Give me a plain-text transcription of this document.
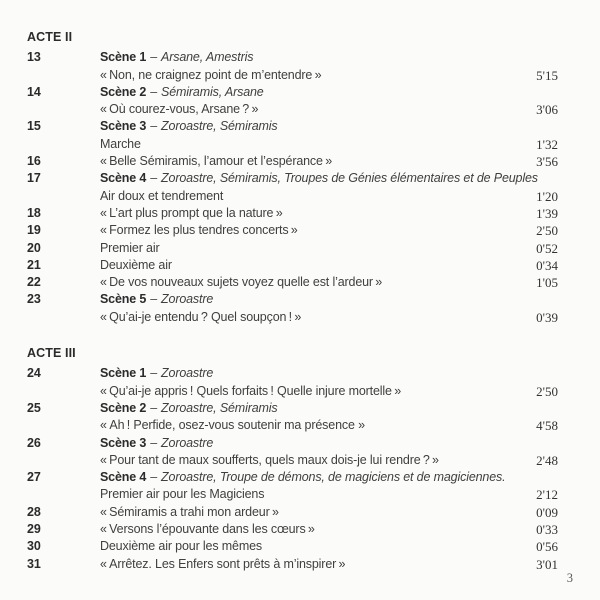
ACTE II
13	Scène 1 – Arsane, Amestris
« Non, ne craignez point de m’entendre »	5'15
14	Scène 2 – Sémiramis, Arsane
« Où courez-vous, Arsane ? »	3'06
15	Scène 3 – Zoroastre, Sémiramis
Marche	1'32
16	« Belle Sémiramis, l’amour et l’espérance »	3'56
17	Scène 4 – Zoroastre, Sémiramis, Troupes de Génies élémentaires et de Peuples
Air doux et tendrement	1'20
18	« L’art plus prompt que la nature »	1'39
19	« Formez les plus tendres concerts »	2'50
20	Premier air	0'52
21	Deuxième air	0'34
22	« De vos nouveaux sujets voyez quelle est l’ardeur »	1'05
23	Scène 5 – Zoroastre
« Qu’ai-je entendu ? Quel soupçon ! »	0'39
ACTE III
24	Scène 1 – Zoroastre
« Qu’ai-je appris ! Quels forfaits ! Quelle injure mortelle »	2'50
25	Scène 2 – Zoroastre, Sémiramis
« Ah ! Perfide, osez-vous soutenir ma présence »	4'58
26	Scène 3 – Zoroastre
« Pour tant de maux soufferts, quels maux dois-je lui rendre ? »	2'48
27	Scène 4 – Zoroastre, Troupe de démons, de magiciens et de magiciennes.
Premier air pour les Magiciens	2'12
28	« Sémiramis a trahi mon ardeur »	0'09
29	« Versons l’épouvante dans les cœurs »	0'33
30	Deuxième air pour les mêmes	0'56
31	« Arrêtez. Les Enfers sont prêts à m’inspirer »	3'01
3
